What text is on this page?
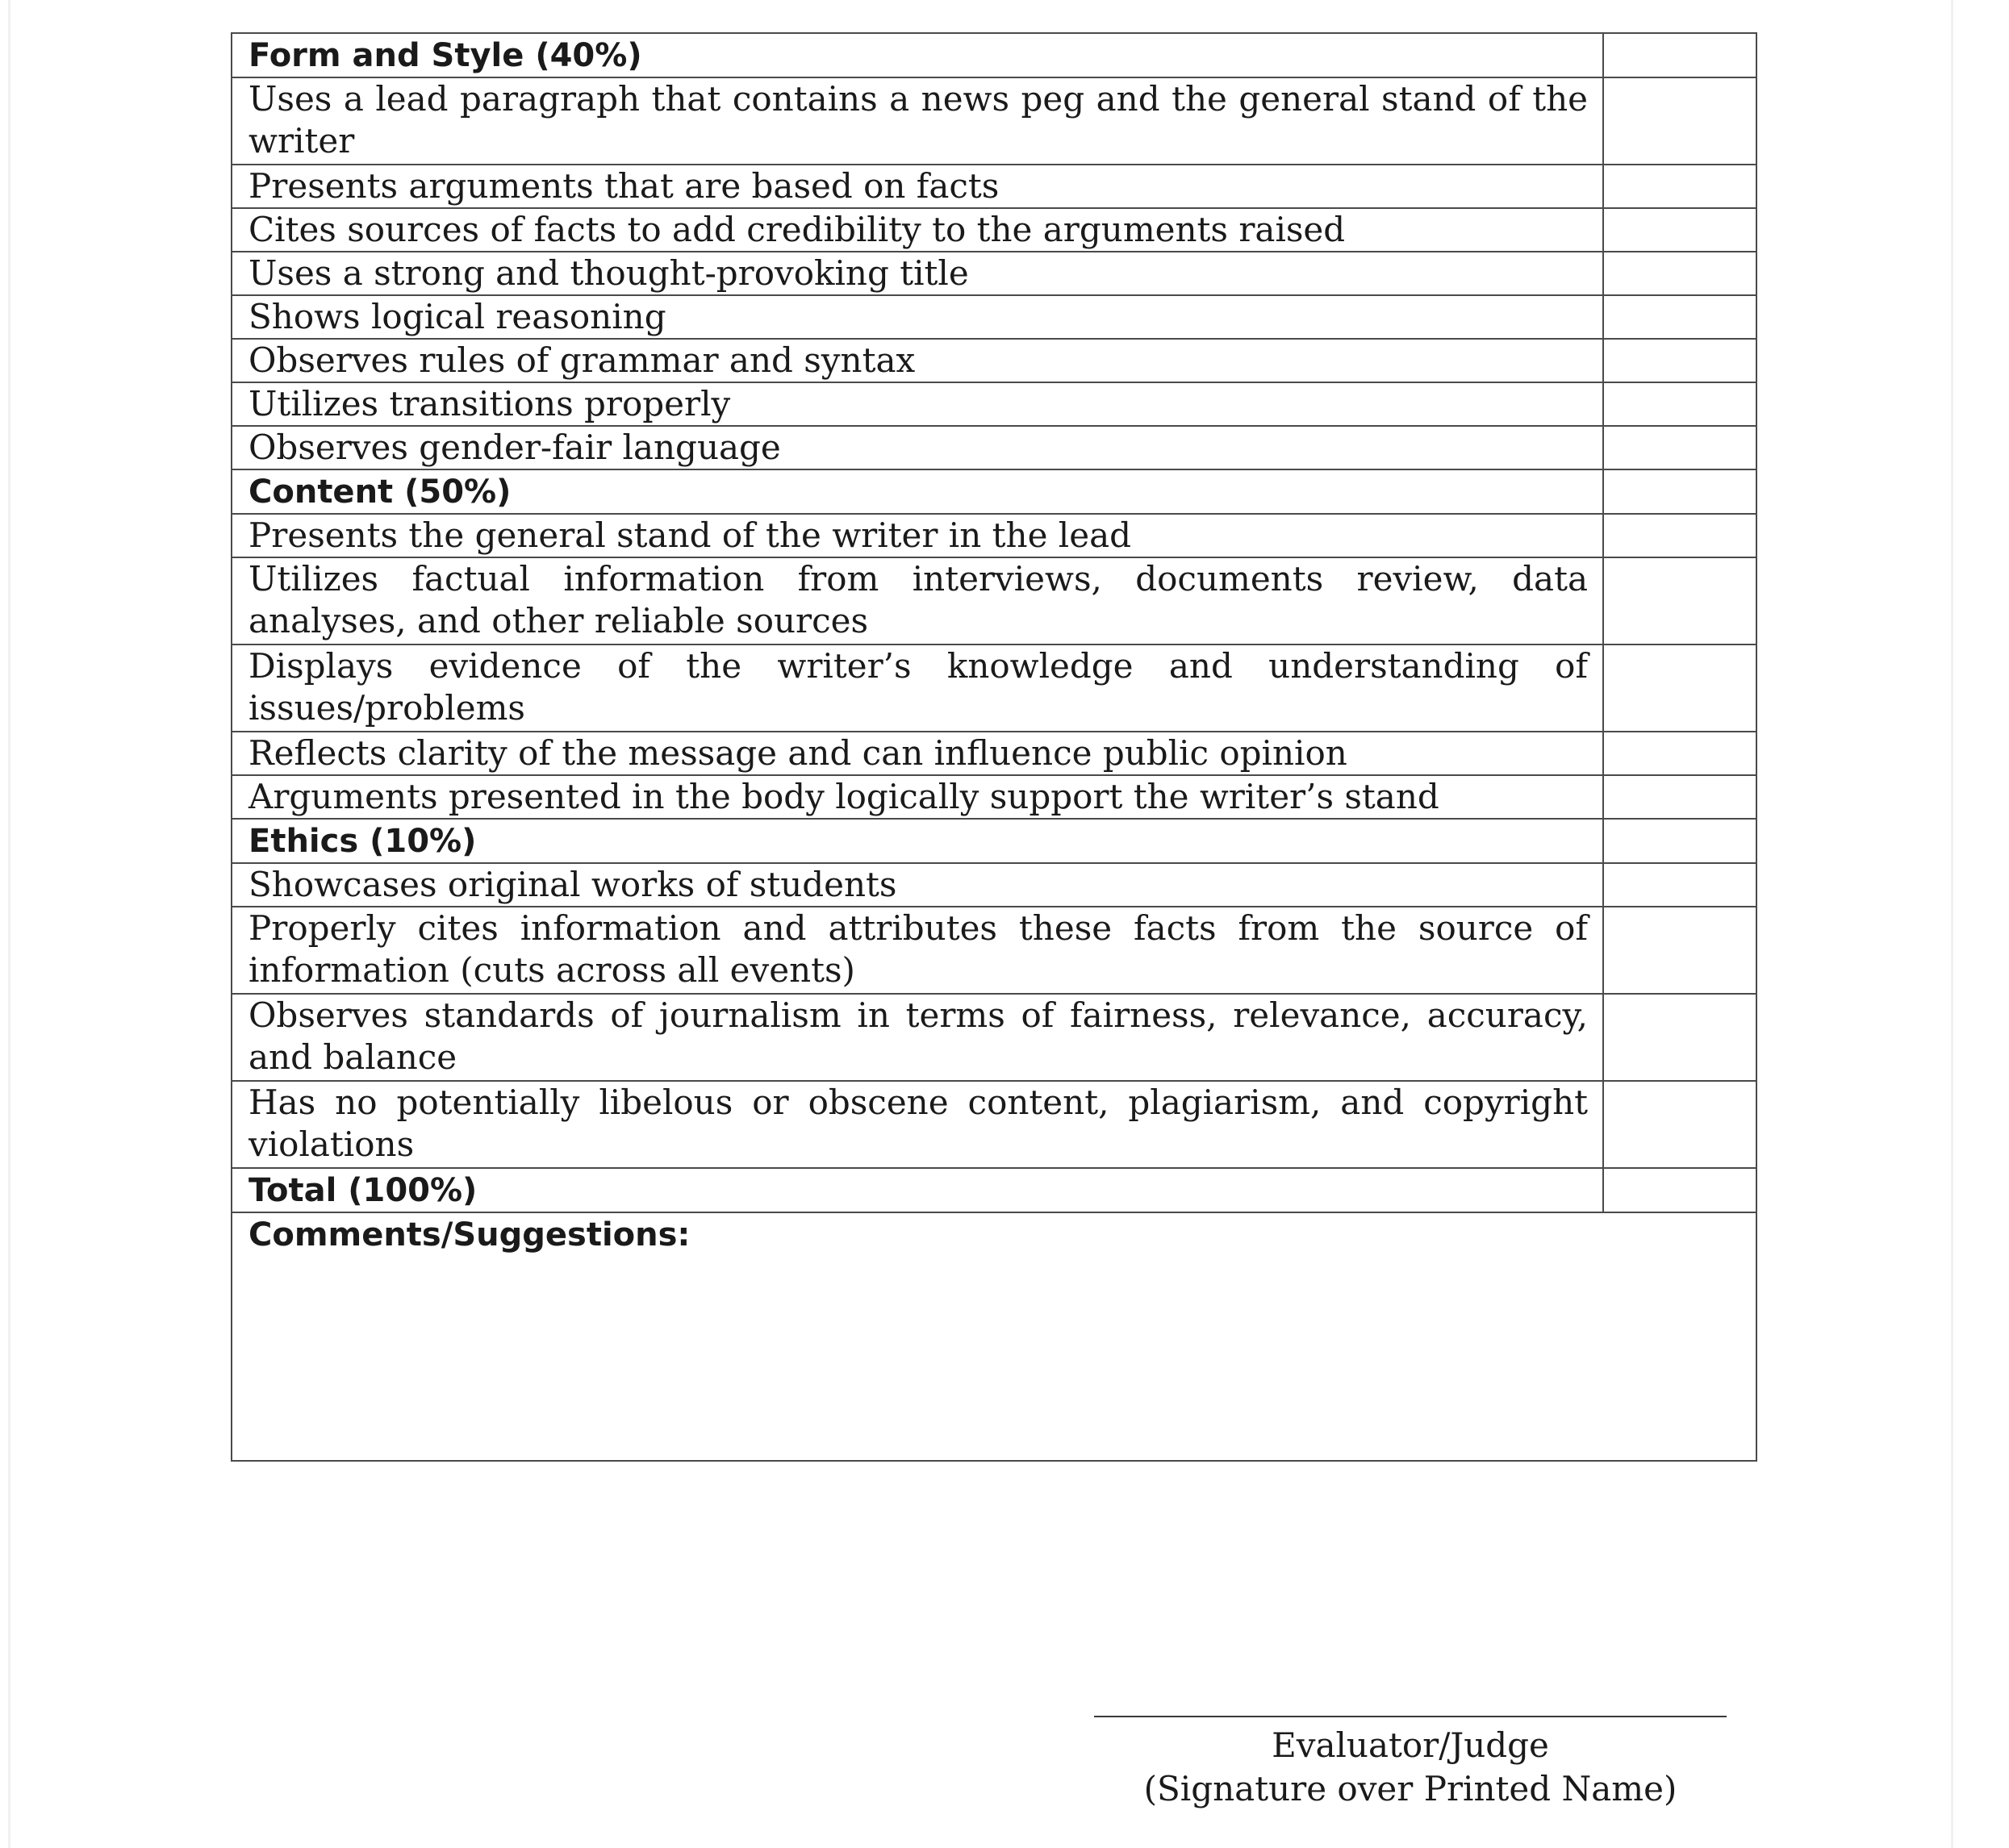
Form and Style (40%)	

Uses a lead paragraph that contains a news peg and the general stand of the writer	

Presents arguments that are based on facts	

Cites sources of facts to add credibility to the arguments raised	

Uses a strong and thought-provoking title	

Shows logical reasoning	

Observes rules of grammar and syntax	

Utilizes transitions properly	

Observes gender-fair language	

Content (50%)	

Presents the general stand of the writer in the lead	

Utilizes factual information from interviews, documents review, data analyses, and other reliable sources	

Displays evidence of the writer’s knowledge and understanding of issues/problems	

Reflects clarity of the message and can influence public opinion	

Arguments presented in the body logically support the writer’s stand	

Ethics (10%)	

Showcases original works of students	

Properly cites information and attributes these facts from the source of information (cuts across all events)	

Observes standards of journalism in terms of fairness, relevance, accuracy, and balance	

Has no potentially libelous or obscene content, plagiarism, and copyright violations	

Total (100%)	
Comments/Suggestions:	
Evaluator/Judge
(Signature over Printed Name)
